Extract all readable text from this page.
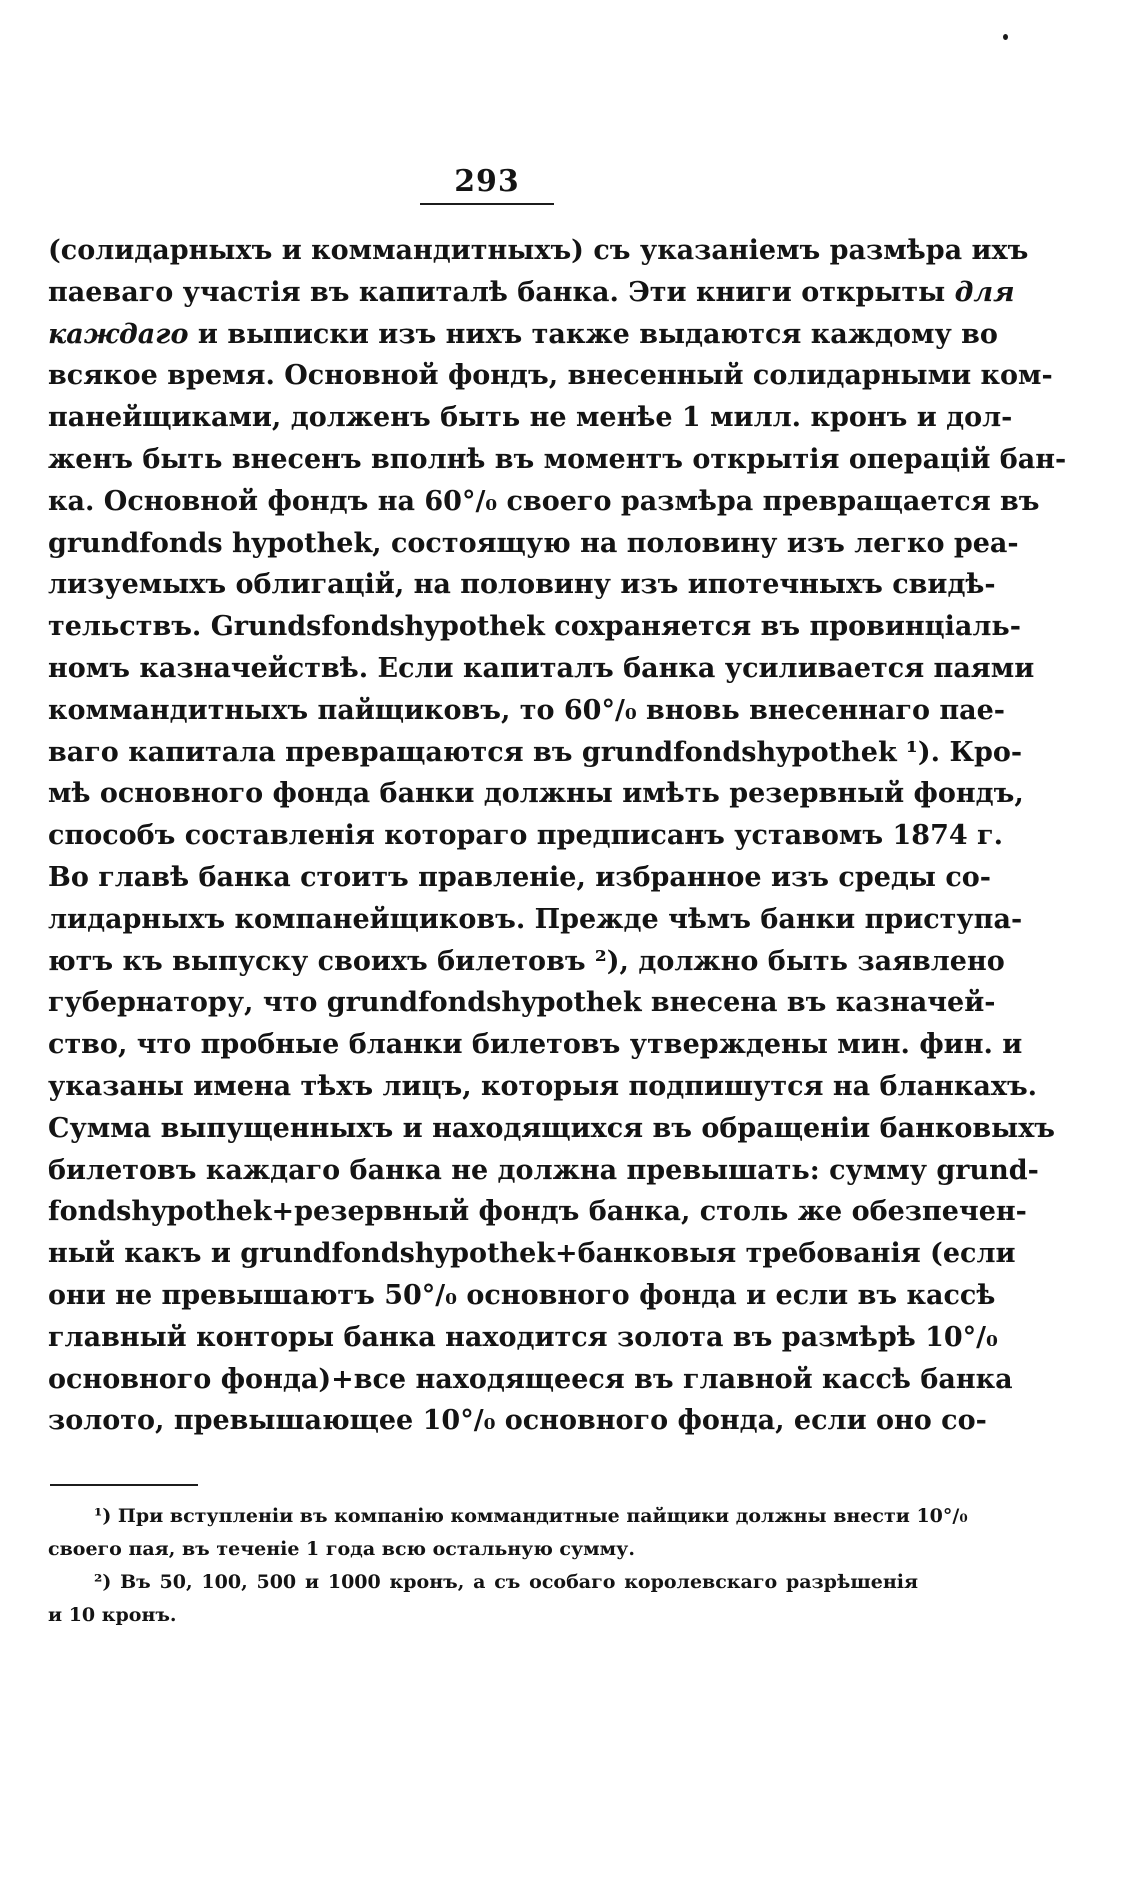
293
(солидарныхъ и коммандитныхъ) съ указаніемъ размѣра ихъ
паеваго участія въ капиталѣ банка. Эти книги открыты для
каждаго и выписки изъ нихъ также выдаются каждому во
всякое время. Основной фондъ, внесенный солидарными ком-
панейщиками, долженъ быть не менѣе 1 милл. кронъ и дол-
женъ быть внесенъ вполнѣ въ моментъ открытія операцій бан-
ка. Основной фондъ на 60°/₀ своего размѣра превращается въ
grundfonds hypothek, состоящую на половину изъ легко реа-
лизуемыхъ облигацій, на половину изъ ипотечныхъ свидѣ-
тельствъ. Grundsfondshypothek сохраняется въ провинціаль-
номъ казначействѣ. Если капиталъ банка усиливается паями
коммандитныхъ пайщиковъ, то 60°/₀ вновь внесеннаго пае-
ваго капитала превращаются въ grundfondshypothek ¹). Кро-
мѣ основного фонда банки должны имѣть резервный фондъ,
способъ составленія котораго предписанъ уставомъ 1874 г.
Во главѣ банка стоитъ правленіе, избранное изъ среды со-
лидарныхъ компанейщиковъ. Прежде чѣмъ банки приступа-
ютъ къ выпуску своихъ билетовъ ²), должно быть заявлено
губернатору, что grundfondshypothek внесена въ казначей-
ство, что пробные бланки билетовъ утверждены мин. фин. и
указаны имена тѣхъ лицъ, которыя подпишутся на бланкахъ.
Сумма выпущенныхъ и находящихся въ обращеніи банковыхъ
билетовъ каждаго банка не должна превышать: сумму grund-
fondshypothek+резервный фондъ банка, столь же обезпечен-
ный какъ и grundfondshypothek+банковыя требованія (если
они не превышаютъ 50°/₀ основного фонда и если въ кассѣ
главный конторы банка находится золота въ размѣрѣ 10°/₀
основного фонда)+все находящееся въ главной кассѣ банка
золото, превышающее 10°/₀ основного фонда, если оно со-
¹) При вступленіи въ компанію коммандитные пайщики должны внести 10°/₀
своего пая, въ теченіе 1 года всю остальную сумму.
²) Въ 50, 100, 500 и 1000 кронъ, а съ особаго королевскаго разрѣшенія
и 10 кронъ.
